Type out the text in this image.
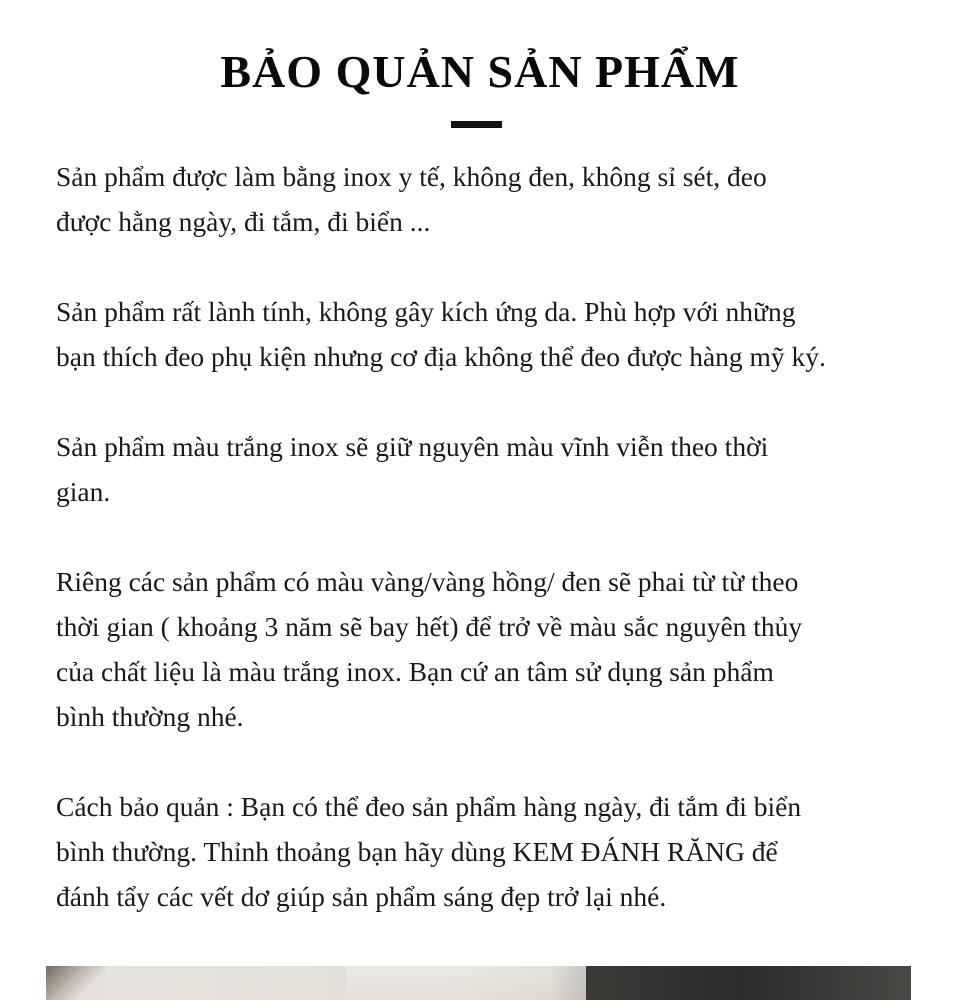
BẢO QUẢN SẢN PHẨM

Sản phẩm được làm bằng inox y tế, không đen, không sỉ sét, đeo
được hằng ngày, đi tắm, đi biển ...

Sản phẩm rất lành tính, không gây kích ứng da. Phù hợp với những
bạn thích đeo phụ kiện nhưng cơ địa không thể đeo được hàng mỹ ký.

Sản phẩm màu trắng inox sẽ giữ nguyên màu vĩnh viễn theo thời
gian.

Riêng các sản phẩm có màu vàng/vàng hồng/ đen sẽ phai từ từ theo
thời gian ( khoảng 3 năm sẽ bay hết) để trở về màu sắc nguyên thủy
của chất liệu là màu trắng inox. Bạn cứ an tâm sử dụng sản phẩm
bình thường nhé.

Cách bảo quản : Bạn có thể đeo sản phẩm hàng ngày, đi tắm đi biển
bình thường. Thỉnh thoảng bạn hãy dùng KEM ĐÁNH RĂNG để
đánh tẩy các vết dơ giúp sản phẩm sáng đẹp trở lại nhé.
